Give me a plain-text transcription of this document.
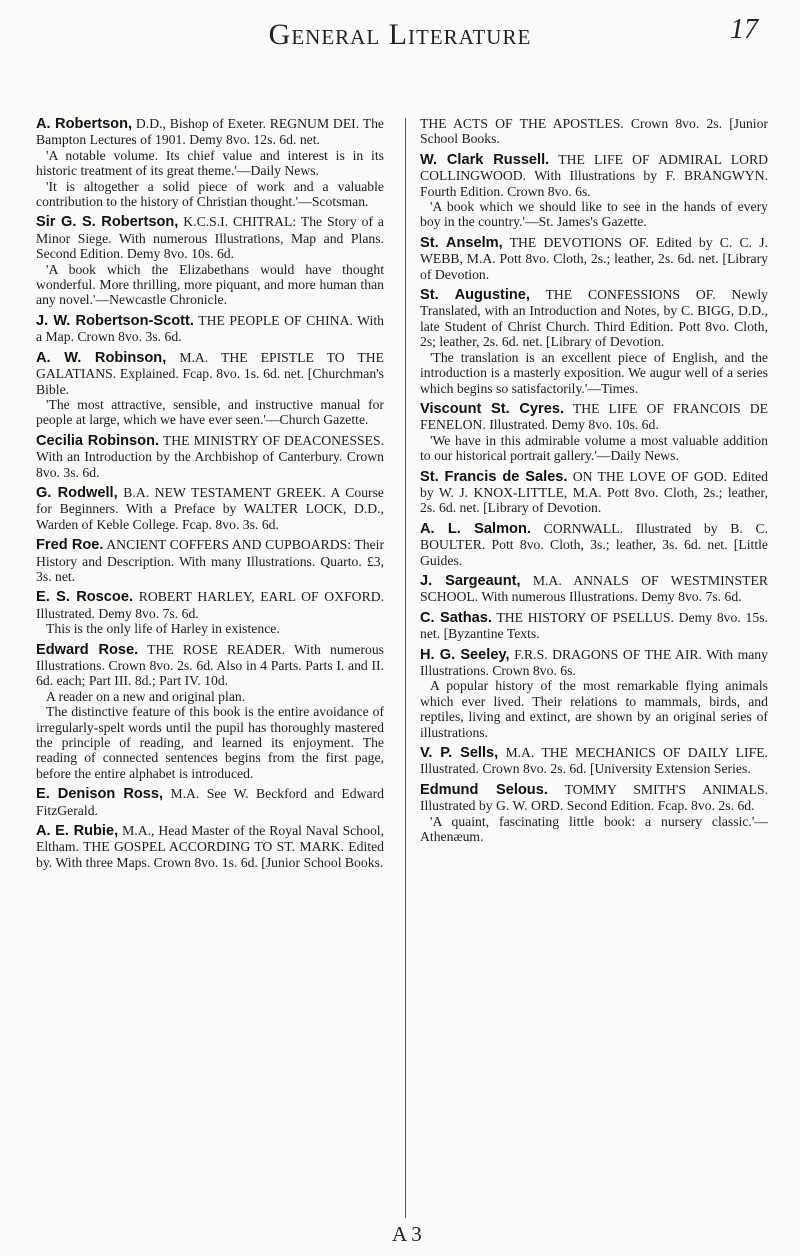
General Literature	17

A. Robertson, D.D., Bishop of Exeter. REGNUM DEI. The Bampton Lectures of 1901. Demy 8vo. 12s. 6d. net.

'A notable volume. Its chief value and interest is in its historic treatment of its great theme.'—Daily News.

'It is altogether a solid piece of work and a valuable contribution to the history of Christian thought.'—Scotsman.

Sir G. S. Robertson, K.C.S.I. CHITRAL: The Story of a Minor Siege. With numerous Illustrations, Map and Plans. Second Edition. Demy 8vo. 10s. 6d.

'A book which the Elizabethans would have thought wonderful. More thrilling, more piquant, and more human than any novel.'—Newcastle Chronicle.

J. W. Robertson-Scott. THE PEOPLE OF CHINA. With a Map. Crown 8vo. 3s. 6d.

A. W. Robinson, M.A. THE EPISTLE TO THE GALATIANS. Explained. Fcap. 8vo. 1s. 6d. net. [Churchman's Bible.

'The most attractive, sensible, and instructive manual for people at large, which we have ever seen.'—Church Gazette.

Cecilia Robinson. THE MINISTRY OF DEACONESSES. With an Introduction by the Archbishop of Canterbury. Crown 8vo. 3s. 6d.

G. Rodwell, B.A. NEW TESTAMENT GREEK. A Course for Beginners. With a Preface by WALTER LOCK, D.D., Warden of Keble College. Fcap. 8vo. 3s. 6d.

Fred Roe. ANCIENT COFFERS AND CUPBOARDS: Their History and Description. With many Illustrations. Quarto. £3, 3s. net.

E. S. Roscoe. ROBERT HARLEY, EARL OF OXFORD. Illustrated. Demy 8vo. 7s. 6d.

This is the only life of Harley in existence.

Edward Rose. THE ROSE READER. With numerous Illustrations. Crown 8vo. 2s. 6d. Also in 4 Parts. Parts I. and II. 6d. each; Part III. 8d.; Part IV. 10d.

A reader on a new and original plan.

The distinctive feature of this book is the entire avoidance of irregularly-spelt words until the pupil has thoroughly mastered the principle of reading, and learned its enjoyment. The reading of connected sentences begins from the first page, before the entire alphabet is introduced.

E. Denison Ross, M.A. See W. Beckford and Edward FitzGerald.

A. E. Rubie, M.A., Head Master of the Royal Naval School, Eltham. THE GOSPEL ACCORDING TO ST. MARK. Edited by. With three Maps. Crown 8vo. 1s. 6d. [Junior School Books.

THE ACTS OF THE APOSTLES. Crown 8vo. 2s. [Junior School Books.

W. Clark Russell. THE LIFE OF ADMIRAL LORD COLLINGWOOD. With Illustrations by F. BRANGWYN. Fourth Edition. Crown 8vo. 6s.

'A book which we should like to see in the hands of every boy in the country.'—St. James's Gazette.

St. Anselm, THE DEVOTIONS OF. Edited by C. C. J. WEBB, M.A. Pott 8vo. Cloth, 2s.; leather, 2s. 6d. net. [Library of Devotion.

St. Augustine, THE CONFESSIONS OF. Newly Translated, with an Introduction and Notes, by C. BIGG, D.D., late Student of Christ Church. Third Edition. Pott 8vo. Cloth, 2s; leather, 2s. 6d. net. [Library of Devotion.

'The translation is an excellent piece of English, and the introduction is a masterly exposition. We augur well of a series which begins so satisfactorily.'—Times.

Viscount St. Cyres. THE LIFE OF FRANCOIS DE FENELON. Illustrated. Demy 8vo. 10s. 6d.

'We have in this admirable volume a most valuable addition to our historical portrait gallery.'—Daily News.

St. Francis de Sales. ON THE LOVE OF GOD. Edited by W. J. KNOX-LITTLE, M.A. Pott 8vo. Cloth, 2s.; leather, 2s. 6d. net. [Library of Devotion.

A. L. Salmon. CORNWALL. Illustrated by B. C. BOULTER. Pott 8vo. Cloth, 3s.; leather, 3s. 6d. net. [Little Guides.

J. Sargeaunt, M.A. ANNALS OF WESTMINSTER SCHOOL. With numerous Illustrations. Demy 8vo. 7s. 6d.

C. Sathas. THE HISTORY OF PSELLUS. Demy 8vo. 15s. net. [Byzantine Texts.

H. G. Seeley, F.R.S. DRAGONS OF THE AIR. With many Illustrations. Crown 8vo. 6s.

A popular history of the most remarkable flying animals which ever lived. Their relations to mammals, birds, and reptiles, living and extinct, are shown by an original series of illustrations.

V. P. Sells, M.A. THE MECHANICS OF DAILY LIFE. Illustrated. Crown 8vo. 2s. 6d. [University Extension Series.

Edmund Selous. TOMMY SMITH'S ANIMALS. Illustrated by G. W. ORD. Second Edition. Fcap. 8vo. 2s. 6d.

'A quaint, fascinating little book: a nursery classic.'—Athenæum.

A 3
